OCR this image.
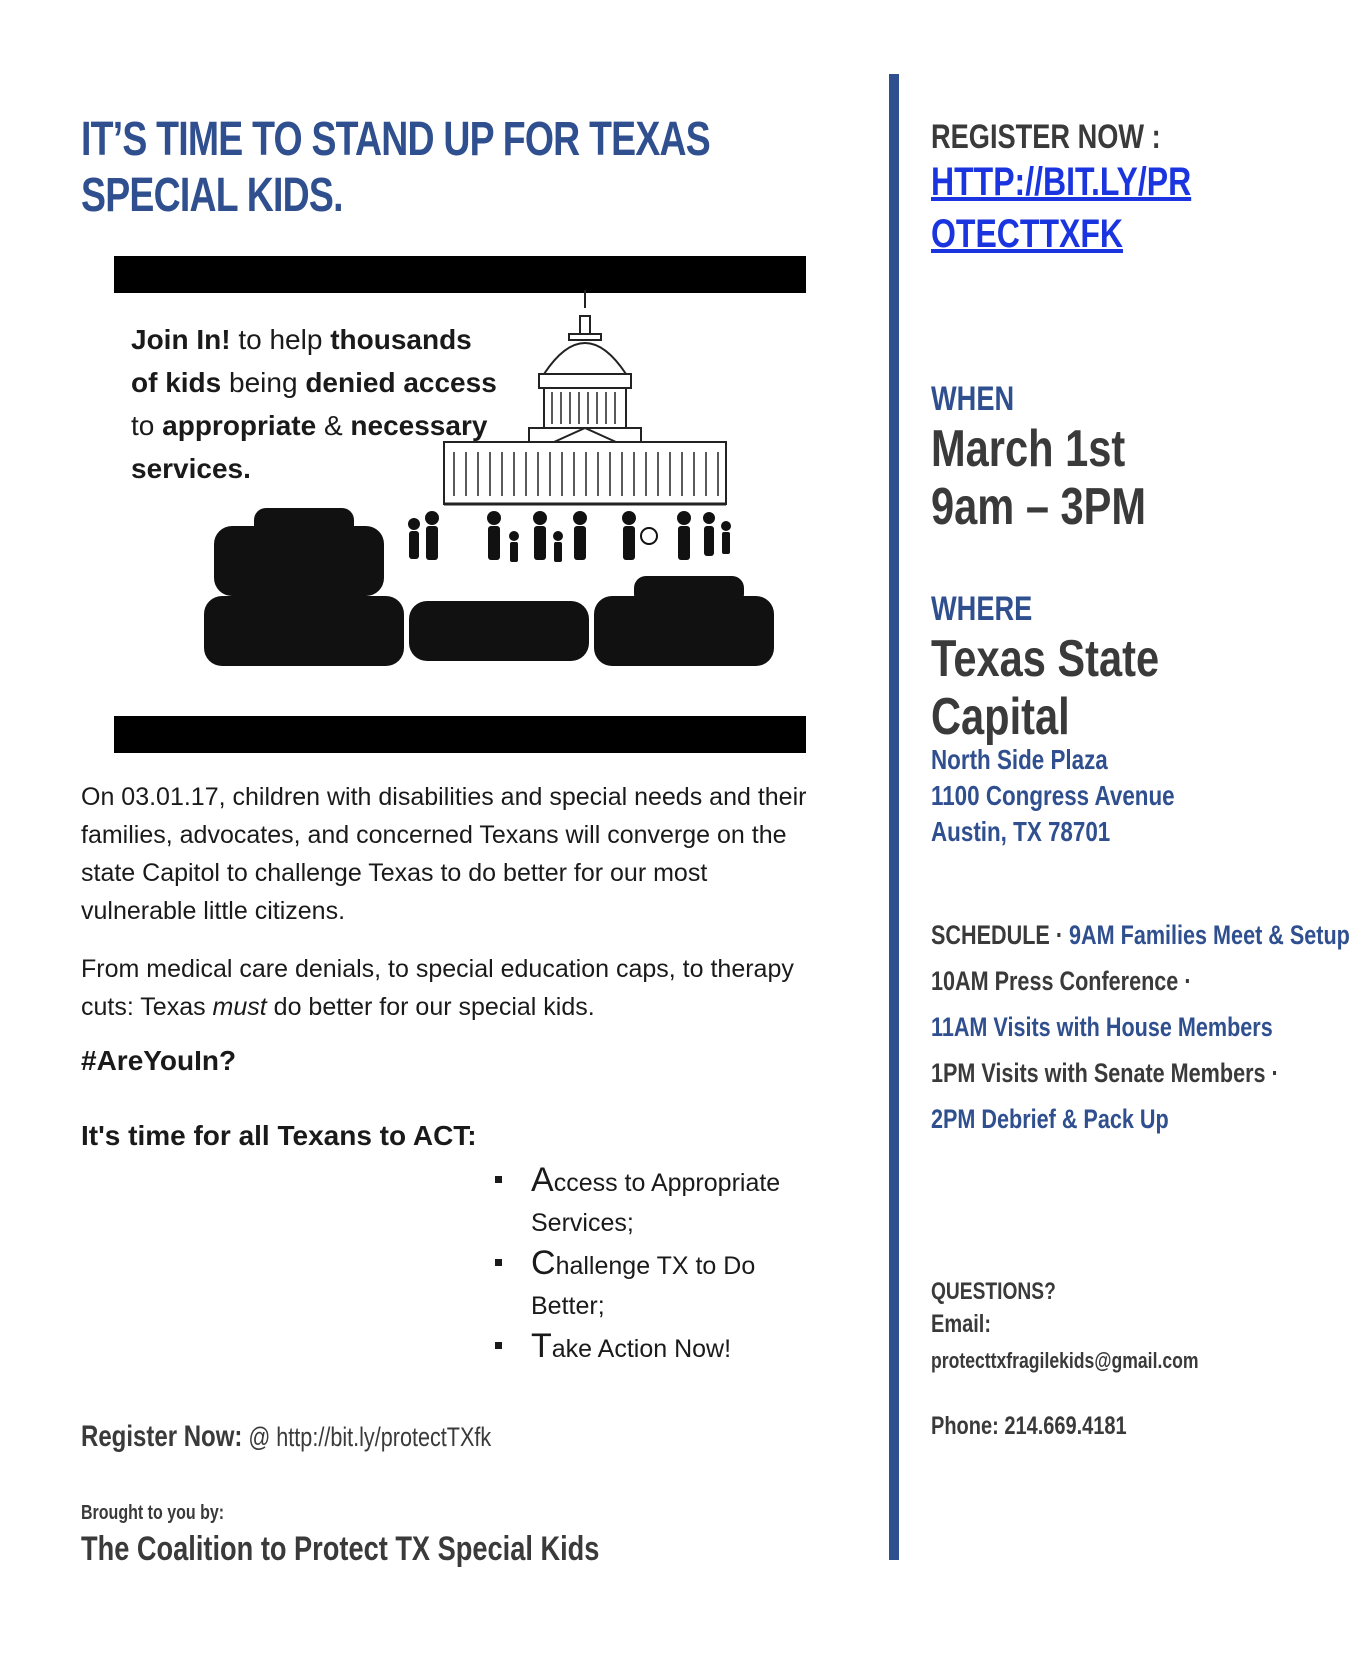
IT’S TIME TO STAND UP FOR TEXAS
SPECIAL KIDS.
Join In! to help thousands
of kids being denied access
to appropriate & necessary
services.

On 03.01.17, children with disabilities and special needs and their families, advocates, and concerned Texans will converge on the state Capitol to challenge Texas to do better for our most vulnerable little citizens.

From medical care denials, to special education caps, to therapy cuts: Texas must do better for our special kids.

#AreYouIn?

It's time for all Texans to ACT:

Access to Appropriate Services;
Challenge TX to Do Better;
Take Action Now!
Register Now: @ http://bit.ly/protectTXfk
Brought to you by:
The Coalition to Protect TX Special Kids
REGISTER NOW :
HTTP://BIT.LY/PR
OTECTTXFK
WHEN
March 1st
9am – 3PM
WHERE
Texas State
Capital
North Side Plaza
1100 Congress Avenue
Austin, TX 78701
SCHEDULE · 9AM Families Meet & Setup
10AM Press Conference ·
11AM Visits with House Members
1PM Visits with Senate Members ·
2PM Debrief & Pack Up
QUESTIONS?
Email:
protecttxfragilekids@gmail.com
Phone: 214.669.4181
